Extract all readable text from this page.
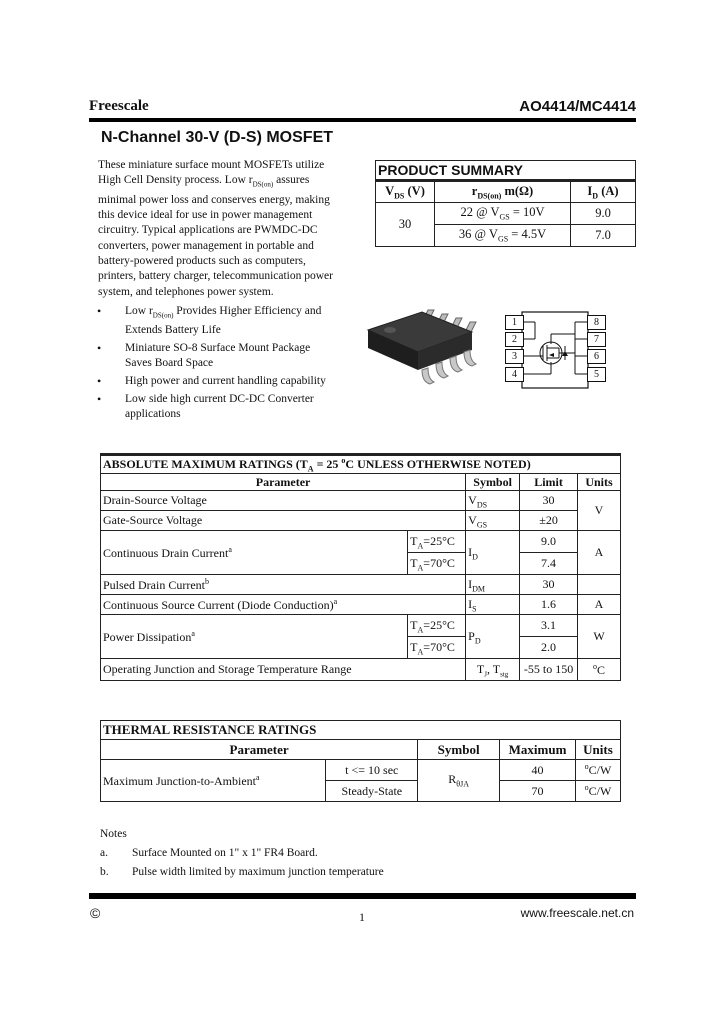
Freescale	AO4414/MC4414
N-Channel 30-V (D-S) MOSFET
These miniature surface mount MOSFETs utilize
High Cell Density process. Low $r_{DS(on)}$ assures
minimal power loss and conserves energy, making
this device ideal for use in power management
circuitry. Typical applications are PWMDC-DC
converters, power management in portable and
battery-powered products such as computers,
printers, battery charger, telecommunication power
system, and telephones power system.
• Low $r_{DS(on)}$ Provides Higher Efficiency and
Extends Battery Life
• Miniature SO-8 Surface Mount Package
Saves Board Space
• High power and current handling capability
• Low side high current DC-DC Converter
applications
PRODUCT SUMMARY		
$V_{DS}$ (V)	$r_{DS(on)}$ m(Ω)	$I_D$ (A)
30	22 @ $V_{GS} = 10V$	9.0
	36 @ $V_{GS} = 4.5V$	7.0
1
2
3
4
8
7
6
5
ABSOLUTE MAXIMUM RATINGS ($T_A = 25$ $^o$C UNLESS OTHERWISE NOTED)				
Parameter		Symbol	Limit	Units
Drain-Source Voltage		$V_{DS}$	30	V
Gate-Source Voltage		$V_{GS}$	±20	
Continuous Drain Current$^a$	$T_A=25^\circ C$	$I_D$	9.0	A
	$T_A=70^\circ C$		7.4	
Pulsed Drain Current$^b$		$I_{DM}$	30	
Continuous Source Current (Diode Conduction)$^a$		$I_S$	1.6	A
Power Dissipation$^a$	$T_A=25^\circ C$	$P_D$	3.1	W
	$T_A=70^\circ C$		2.0	
Operating Junction and Storage Temperature Range		$T_J$, $T_{stg}$	-55 to 150	$^o$C
THERMAL RESISTANCE RATINGS				
Parameter		Symbol	Maximum	Units
Maximum Junction-to-Ambient$^a$	t <= 10 sec	$R_{\theta JA}$	40	$^o$C/W
	Steady-State		70	$^o$C/W
Notes
a. Surface Mounted on 1" x 1" FR4 Board.
b. Pulse width limited by maximum junction temperature
©	1	www.freescale.net.cn
